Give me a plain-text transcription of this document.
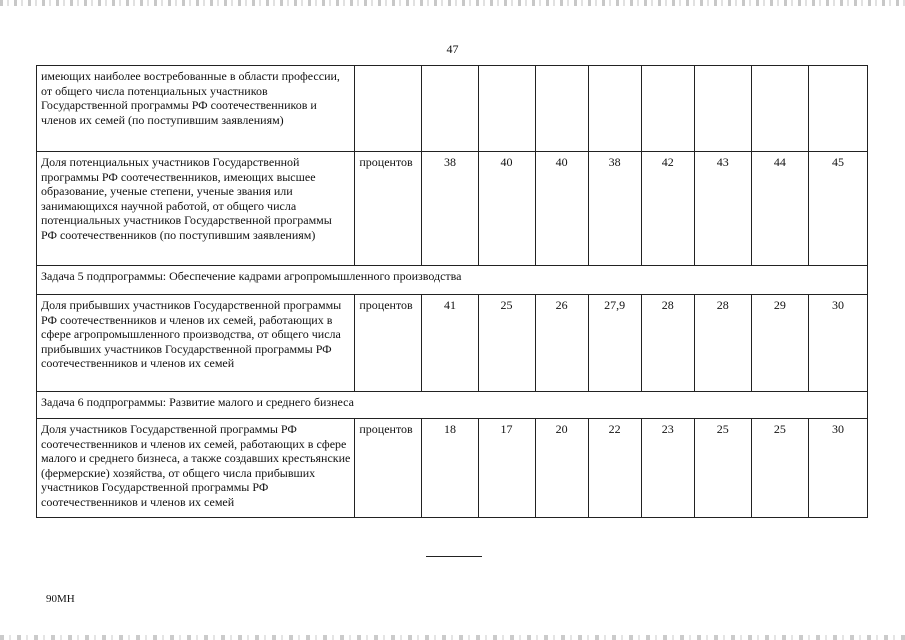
47
имеющих наиболее востребованные в области профессии, от общего числа потенциальных участников Государственной программы РФ соотечественников и членов их семей (по поступившим заявлениям)									
Доля потенциальных участников Государственной программы РФ соотечественников, имеющих высшее образование, ученые степени, ученые звания или занимающихся научной работой, от общего числа потенциальных участников Государственной программы РФ соотечественников (по поступившим заявлениям)	процентов	38	40	40	38	42	43	44	45
Задача 5 подпрограммы: Обеспечение кадрами агропромышленного производства									
Доля прибывших участников Государственной программы РФ соотечественников и членов их семей, работающих в сфере агропромышленного производства, от общего числа прибывших участников Государственной программы РФ соотечественников и членов их семей	процентов	41	25	26	27,9	28	28	29	30
Задача 6 подпрограммы: Развитие малого и среднего бизнеса									
Доля участников Государственной программы РФ соотечественников и членов их семей, работающих в сфере малого и среднего бизнеса, а также создавших крестьянские (фермерские) хозяйства, от общего числа прибывших участников Государственной программы РФ соотечественников и членов их семей	процентов	18	17	20	22	23	25	25	30
90МН
